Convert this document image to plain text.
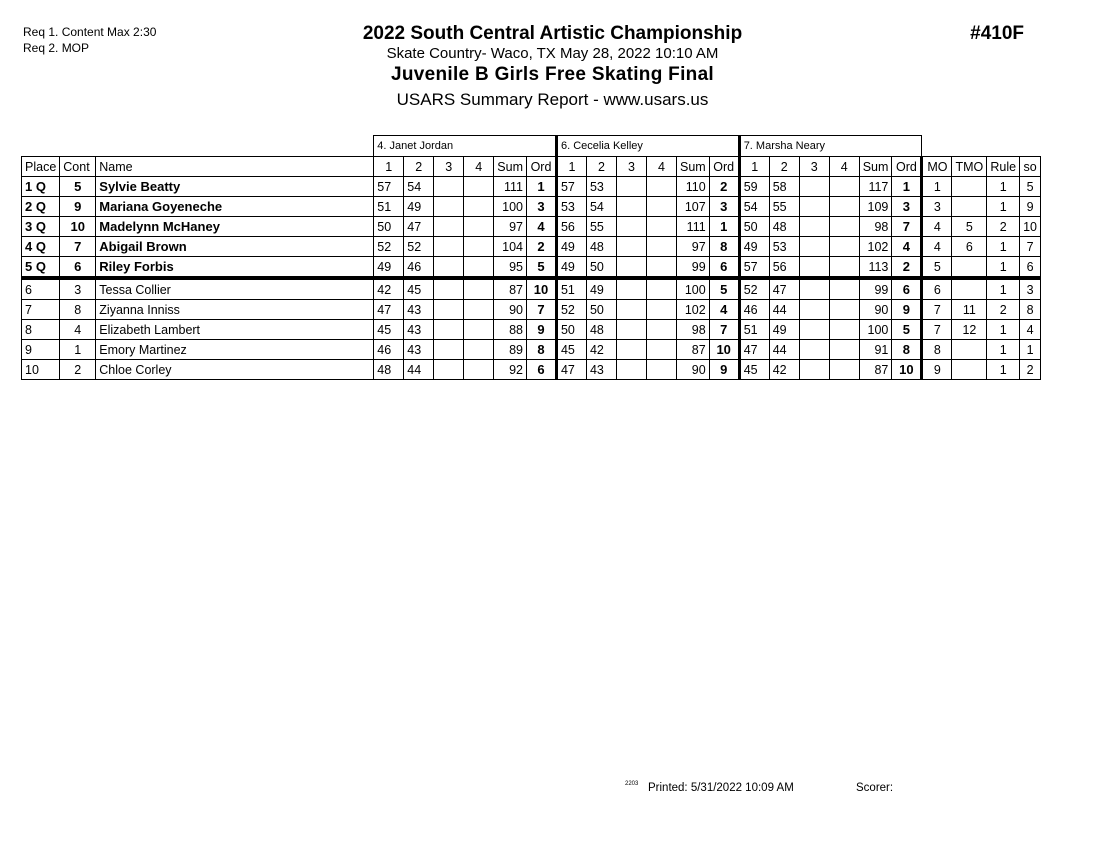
Req 1. Content Max 2:30
Req 2. MOP
2022 South Central Artistic Championship
Skate Country- Waco, TX May 28, 2022 10:10 AM
Juvenile B Girls Free Skating Final
USARS Summary Report - www.usars.us
#410F
			4. Janet Jordan						6. Cecelia Kelley						7. Marsha Neary									
Place	Cont	Name	1	2	3	4	Sum	Ord	1	2	3	4	Sum	Ord	1	2	3	4	Sum	Ord	MO	TMO	Rule	so
1 Q	5	Sylvie Beatty	57	54			111	1	57	53			110	2	59	58			117	1	1		1	5
2 Q	9	Mariana Goyeneche	51	49			100	3	53	54			107	3	54	55			109	3	3		1	9
3 Q	10	Madelynn McHaney	50	47			97	4	56	55			111	1	50	48			98	7	4	5	2	10
4 Q	7	Abigail Brown	52	52			104	2	49	48			97	8	49	53			102	4	4	6	1	7
5 Q	6	Riley Forbis	49	46			95	5	49	50			99	6	57	56			113	2	5		1	6
6	3	Tessa Collier	42	45			87	10	51	49			100	5	52	47			99	6	6		1	3
7	8	Ziyanna Inniss	47	43			90	7	52	50			102	4	46	44			90	9	7	11	2	8
8	4	Elizabeth Lambert	45	43			88	9	50	48			98	7	51	49			100	5	7	12	1	4
9	1	Emory Martinez	46	43			89	8	45	42			87	10	47	44			91	8	8		1	1
10	2	Chloe Corley	48	44			92	6	47	43			90	9	45	42			87	10	9		1	2
2203 Printed: 5/31/2022 10:09 AM	Scorer:
